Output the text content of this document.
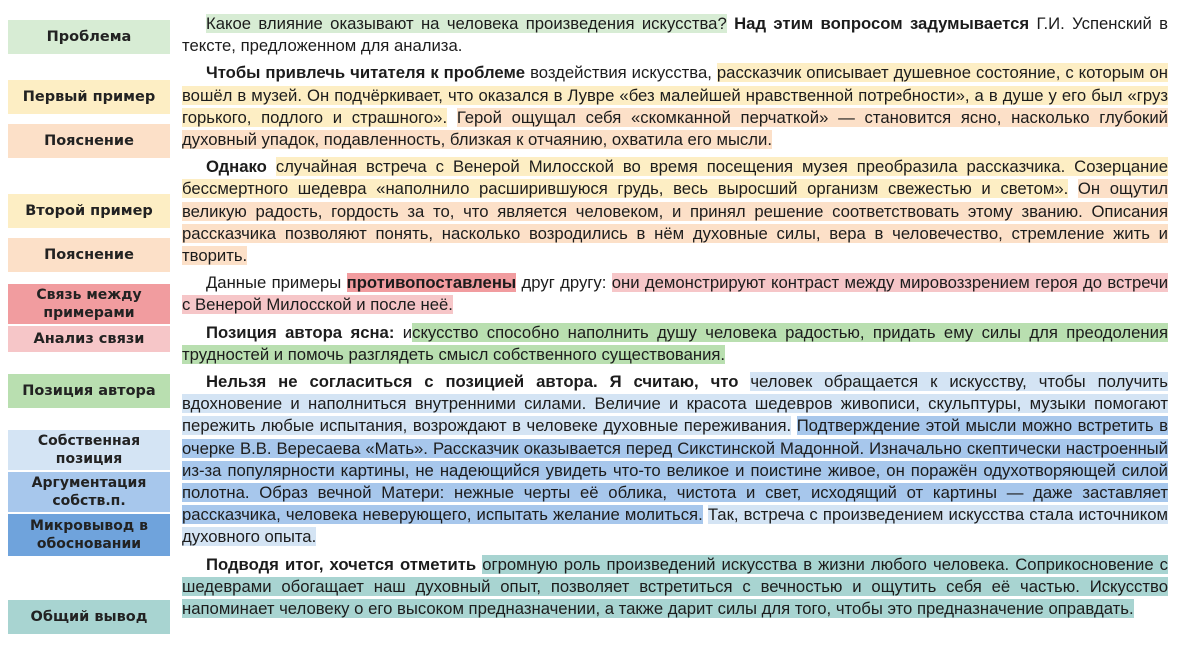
Проблема
Первый пример
Пояснение
Второй пример
Пояснение
Связь между примерами
Анализ связи
Позиция автора
Собственная позиция
Аргументация собств.п.
Микровывод в обосновании
Общий вывод

Какое влияние оказывают на человека произведения искусства? Над этим вопросом задумывается Г.И. Успенский в тексте, предложенном для анализа.

Чтобы привлечь читателя к проблеме воздействия искусства, рассказчик описывает душевное состояние, с которым он вошёл в музей. Он подчёркивает, что оказался в Лувре «без малейшей нравственной потребности», а в душе у его был «груз горького, подлого и страшного». Герой ощущал себя «скомканной перчаткой» — становится ясно, насколько глубокий духовный упадок, подавленность, близкая к отчаянию, охватила его мысли.

Однако случайная встреча с Венерой Милосской во время посещения музея преобразила рассказчика. Созерцание бессмертного шедевра «наполнило расширившуюся грудь, весь выросший организм свежестью и светом». Он ощутил великую радость, гордость за то, что является человеком, и принял решение соответствовать этому званию. Описания рассказчика позволяют понять, насколько возродились в нём духовные силы, вера в человечество, стремление жить и творить.

Данные примеры противопоставлены друг другу: они демонстрируют контраст между мировоззрением героя до встречи с Венерой Милосской и после неё.

Позиция автора ясна: искусство способно наполнить душу человека радостью, придать ему силы для преодоления трудностей и помочь разглядеть смысл собственного существования.

Нельзя не согласиться с позицией автора. Я считаю, что человек обращается к искусству, чтобы получить вдохновение и наполниться внутренними силами. Величие и красота шедевров живописи, скульптуры, музыки помогают пережить любые испытания, возрождают в человеке духовные переживания. Подтверждение этой мысли можно встретить в очерке В.В. Вересаева «Мать». Рассказчик оказывается перед Сикстинской Мадонной. Изначально скептически настроенный из-за популярности картины, не надеющийся увидеть что-то великое и поистине живое, он поражён одухотворяющей силой полотна. Образ вечной Матери: нежные черты её облика, чистота и свет, исходящий от картины — даже заставляет рассказчика, человека неверующего, испытать желание молиться. Так, встреча с произведением искусства стала источником духовного опыта.

Подводя итог, хочется отметить огромную роль произведений искусства в жизни любого человека. Соприкосновение с шедеврами обогащает наш духовный опыт, позволяет встретиться с вечностью и ощутить себя её частью. Искусство напоминает человеку о его высоком предназначении, а также дарит силы для того, чтобы это предназначение оправдать.
